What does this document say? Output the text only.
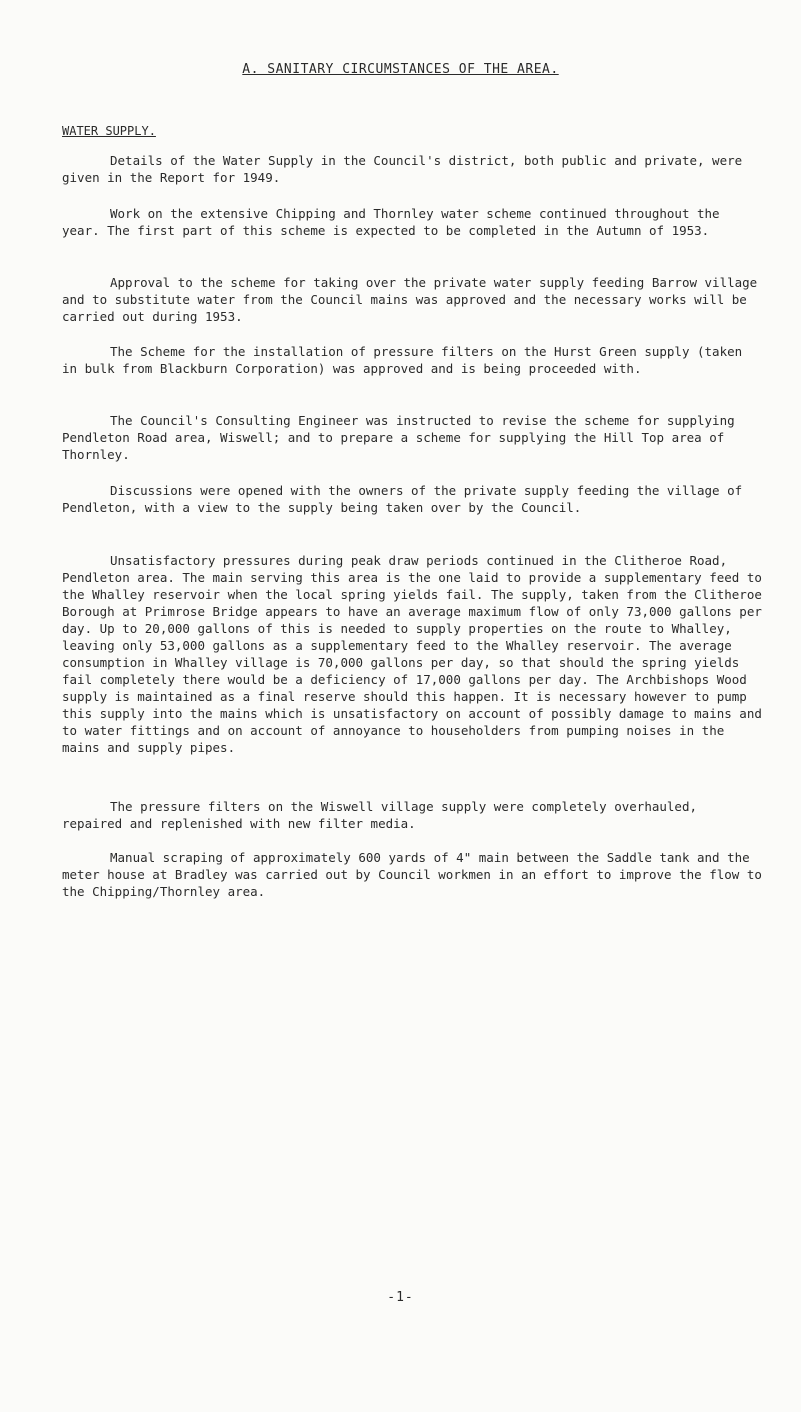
A. SANITARY CIRCUMSTANCES OF THE AREA.
WATER SUPPLY.

Details of the Water Supply in the Council's district, both public and private, were given in the Report for 1949.

Work on the extensive Chipping and Thornley water scheme continued throughout the year. The first part of this scheme is expected to be completed in the Autumn of 1953.

Approval to the scheme for taking over the private water supply feeding Barrow village and to substitute water from the Council mains was approved and the necessary works will be carried out during 1953.

The Scheme for the installation of pressure filters on the Hurst Green supply (taken in bulk from Blackburn Corporation) was approved and is being proceeded with.

The Council's Consulting Engineer was instructed to revise the scheme for supplying Pendleton Road area, Wiswell; and to prepare a scheme for supplying the Hill Top area of Thornley.

Discussions were opened with the owners of the private supply feeding the village of Pendleton, with a view to the supply being taken over by the Council.

Unsatisfactory pressures during peak draw periods continued in the Clitheroe Road, Pendleton area. The main serving this area is the one laid to provide a supplementary feed to the Whalley reservoir when the local spring yields fail. The supply, taken from the Clitheroe Borough at Primrose Bridge appears to have an average maximum flow of only 73,000 gallons per day. Up to 20,000 gallons of this is needed to supply properties on the route to Whalley, leaving only 53,000 gallons as a supplementary feed to the Whalley reservoir. The average consumption in Whalley village is 70,000 gallons per day, so that should the spring yields fail completely there would be a deficiency of 17,000 gallons per day. The Archbishops Wood supply is maintained as a final reserve should this happen. It is necessary however to pump this supply into the mains which is unsatisfactory on account of possibly damage to mains and to water fittings and on account of annoyance to householders from pumping noises in the mains and supply pipes.

The pressure filters on the Wiswell village supply were completely overhauled, repaired and replenished with new filter media.

Manual scraping of approximately 600 yards of 4" main between the Saddle tank and the meter house at Bradley was carried out by Council workmen in an effort to improve the flow to the Chipping/Thornley area.

-1-
